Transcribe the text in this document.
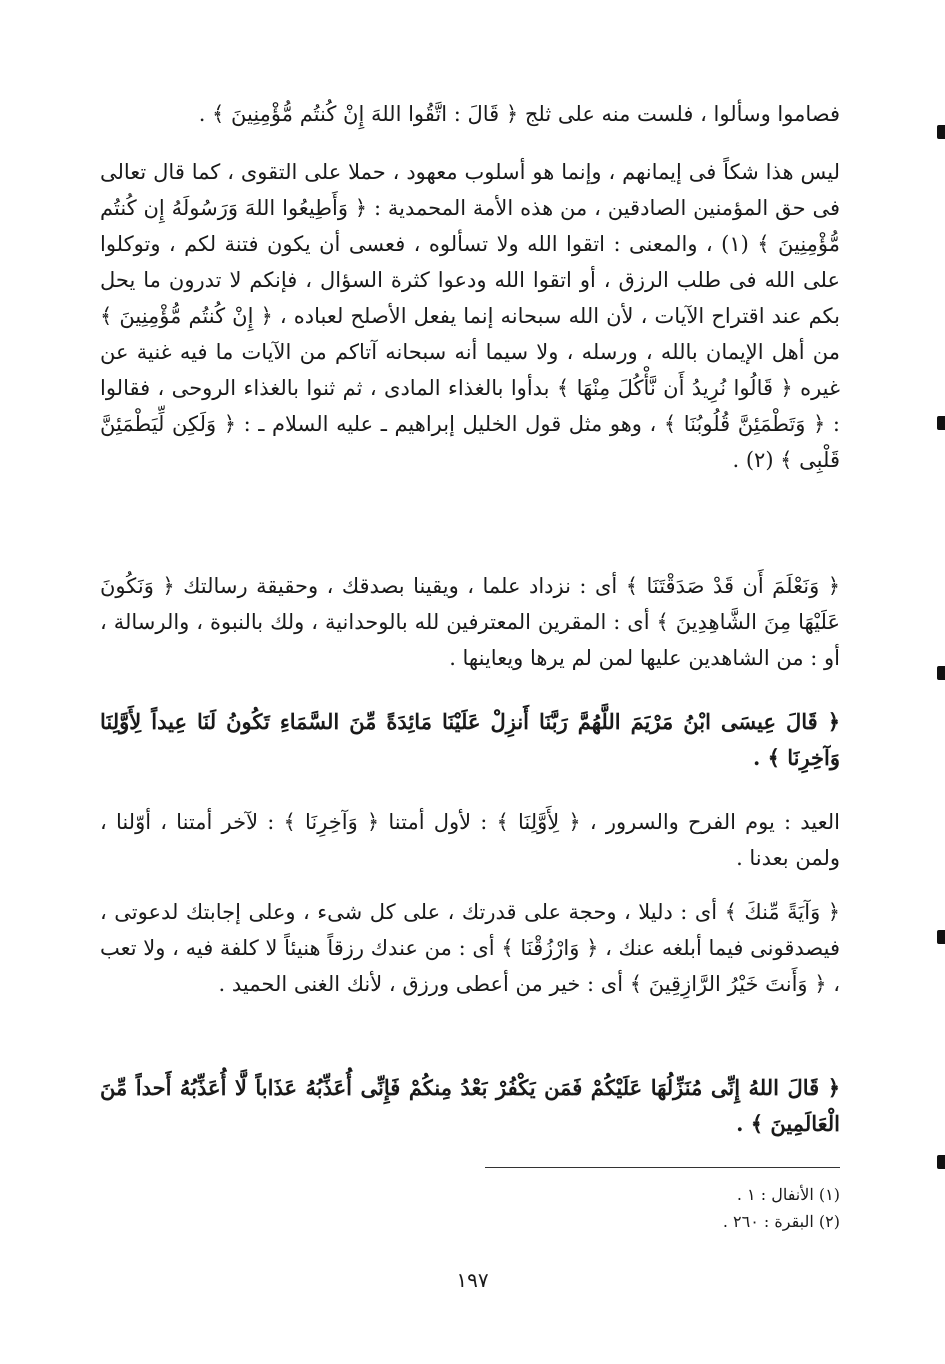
فصاموا وسألوا ، فلست منه على ثلج ﴿ قَالَ : اتَّقُوا اللهَ إِنْ كُنتُم مُّؤْمِنِينَ ﴾ .

ليس هذا شكاً فى إيمانهم ، وإنما هو أسلوب معهود ، حملا على التقوى ، كما قال تعالى فى حق المؤمنين الصادقين ، من هذه الأمة المحمدية : ﴿ وَأَطِيعُوا اللهَ وَرَسُولَهُ إِن كُنتُم مُّؤْمِنِينَ ﴾ (١) ، والمعنى : اتقوا الله ولا تسألوه ، فعسى أن يكون فتنة لكم ، وتوكلوا على الله فى طلب الرزق ، أو اتقوا الله ودعوا كثرة السؤال ، فإنكم لا تدرون ما يحل بكم عند اقتراح الآيات ، لأن الله سبحانه إنما يفعل الأصلح لعباده ، ﴿ إِنْ كُنتُم مُّؤْمِنِينَ ﴾ من أهل الإيمان بالله ، ورسله ، ولا سيما أنه سبحانه آتاكم من الآيات ما فيه غنية عن غيره ﴿ قَالُوا نُرِيدُ أَن نَّأْكُلَ مِنْهَا ﴾ بدأوا بالغذاء المادى ، ثم ثنوا بالغذاء الروحى ، فقالوا : ﴿ وَتَطْمَئِنَّ قُلُوبُنَا ﴾ ، وهو مثل قول الخليل إبراهيم ـ عليه السلام ـ : ﴿ وَلَكِن لِّيَطْمَئِنَّ قَلْبِى ﴾ (٢) .

﴿ وَنَعْلَمَ أَن قَدْ صَدَقْتَنَا ﴾ أى : نزداد علما ، ويقينا بصدقك ، وحقيقة رسالتك ﴿ وَنَكُونَ عَلَيْهَا مِنَ الشَّاهِدِينَ ﴾ أى : المقرين المعترفين لله بالوحدانية ، ولك بالنبوة ، والرسالة ، أو : من الشاهدين عليها لمن لم يرها ويعاينها .

﴿ قَالَ عِيسَى ابْنُ مَرْيَمَ اللَّهُمَّ رَبَّنَا أَنزِلْ عَلَيْنَا مَائِدَةً مِّنَ السَّمَاءِ تَكُونُ لَنَا عِيداً لِأَوَّلِنَا وَآخِرِنَا ﴾ .

العيد : يوم الفرح والسرور ، ﴿ لِأَوَّلِنَا ﴾ : لأول أمتنا ﴿ وَآخِرِنَا ﴾ : لآخر أمتنا ، أوّلنا ، ولمن بعدنا .

﴿ وَآيَةً مِّنكَ ﴾ أى : دليلا ، وحجة على قدرتك ، على كل شىء ، وعلى إجابتك لدعوتى ، فيصدقونى فيما أبلغه عنك ، ﴿ وَارْزُقْنَا ﴾ أى : من عندك رزقاً هنيئاً لا كلفة فيه ، ولا تعب ، ﴿ وَأَنتَ خَيْرُ الرَّازِقِينَ ﴾ أى : خير من أعطى ورزق ، لأنك الغنى الحميد .

﴿ قَالَ اللهُ إِنِّى مُنَزِّلُهَا عَلَيْكُمْ فَمَن يَكْفُرْ بَعْدُ مِنكُمْ فَإِنِّى أُعَذِّبُهُ عَذَاباً لَّا أُعَذِّبُهُ أَحداً مِّنَ الْعَالَمِينَ ﴾ .

(١) الأنفال : ١ .
(٢) البقرة : ٢٦٠ .
١٩٧
